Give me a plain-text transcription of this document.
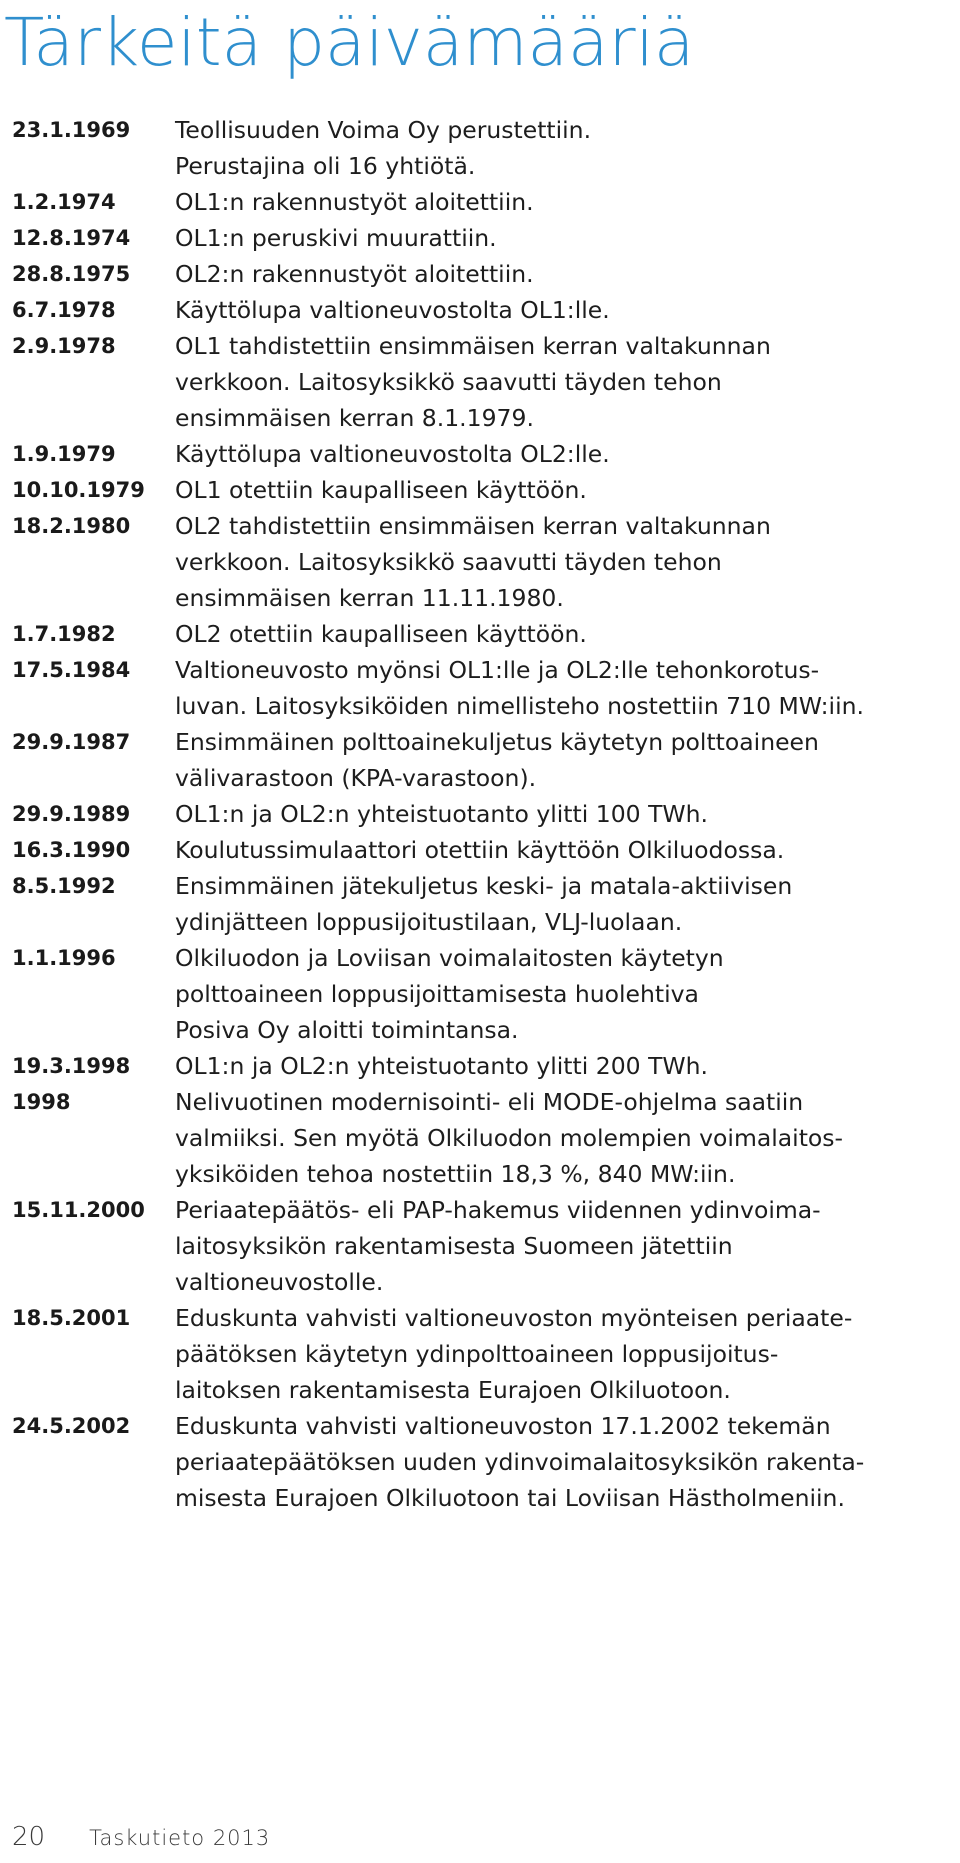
Tärkeitä päivämääriä
23.1.1969	Teollisuuden Voima Oy perustettiin.
Perustajina oli 16 yhtiötä.
1.2.1974	OL1:n rakennustyöt aloitettiin.
12.8.1974	OL1:n peruskivi muurattiin.
28.8.1975	OL2:n rakennustyöt aloitettiin.
6.7.1978	Käyttölupa valtioneuvostolta OL1:lle.
2.9.1978	OL1 tahdistettiin ensimmäisen kerran valtakunnan
verkkoon. Laitosyksikkö saavutti täyden tehon
ensimmäisen kerran 8.1.1979.
1.9.1979	Käyttölupa valtioneuvostolta OL2:lle.
10.10.1979	OL1 otettiin kaupalliseen käyttöön.
18.2.1980	OL2 tahdistettiin ensimmäisen kerran valtakunnan
verkkoon. Laitosyksikkö saavutti täyden tehon
ensimmäisen kerran 11.11.1980.
1.7.1982	OL2 otettiin kaupalliseen käyttöön.
17.5.1984	Valtioneuvosto myönsi OL1:lle ja OL2:lle tehonkorotus-
luvan. Laitosyksiköiden nimellisteho nostettiin 710 MW:iin.
29.9.1987	Ensimmäinen polttoainekuljetus käytetyn polttoaineen
välivarastoon (KPA-varastoon).
29.9.1989	OL1:n ja OL2:n yhteistuotanto ylitti 100 TWh.
16.3.1990	Koulutussimulaattori otettiin käyttöön Olkiluodossa.
8.5.1992	Ensimmäinen jätekuljetus keski- ja matala-aktiivisen
ydinjätteen loppusijoitustilaan, VLJ-luolaan.
1.1.1996	Olkiluodon ja Loviisan voimalaitosten käytetyn
polttoaineen loppusijoittamisesta huolehtiva
Posiva Oy aloitti toimintansa.
19.3.1998	OL1:n ja OL2:n yhteistuotanto ylitti 200 TWh.
1998	Nelivuotinen modernisointi- eli MODE-ohjelma saatiin
valmiiksi. Sen myötä Olkiluodon molempien voimalaitos-
yksiköiden tehoa nostettiin 18,3 %, 840 MW:iin.
15.11.2000	Periaatepäätös- eli PAP-hakemus viidennen ydinvoima-
laitosyksikön rakentamisesta Suomeen jätettiin
valtioneuvostolle.
18.5.2001	Eduskunta vahvisti valtioneuvoston myönteisen periaate-
päätöksen käytetyn ydinpolttoaineen loppusijoitus-
laitoksen rakentamisesta Eurajoen Olkiluotoon.
24.5.2002	Eduskunta vahvisti valtioneuvoston 17.1.2002 tekemän
periaatepäätöksen uuden ydinvoimalaitosyksikön rakenta-
misesta Eurajoen Olkiluotoon tai Loviisan Hästholmeniin.
20 Taskutieto 2013
